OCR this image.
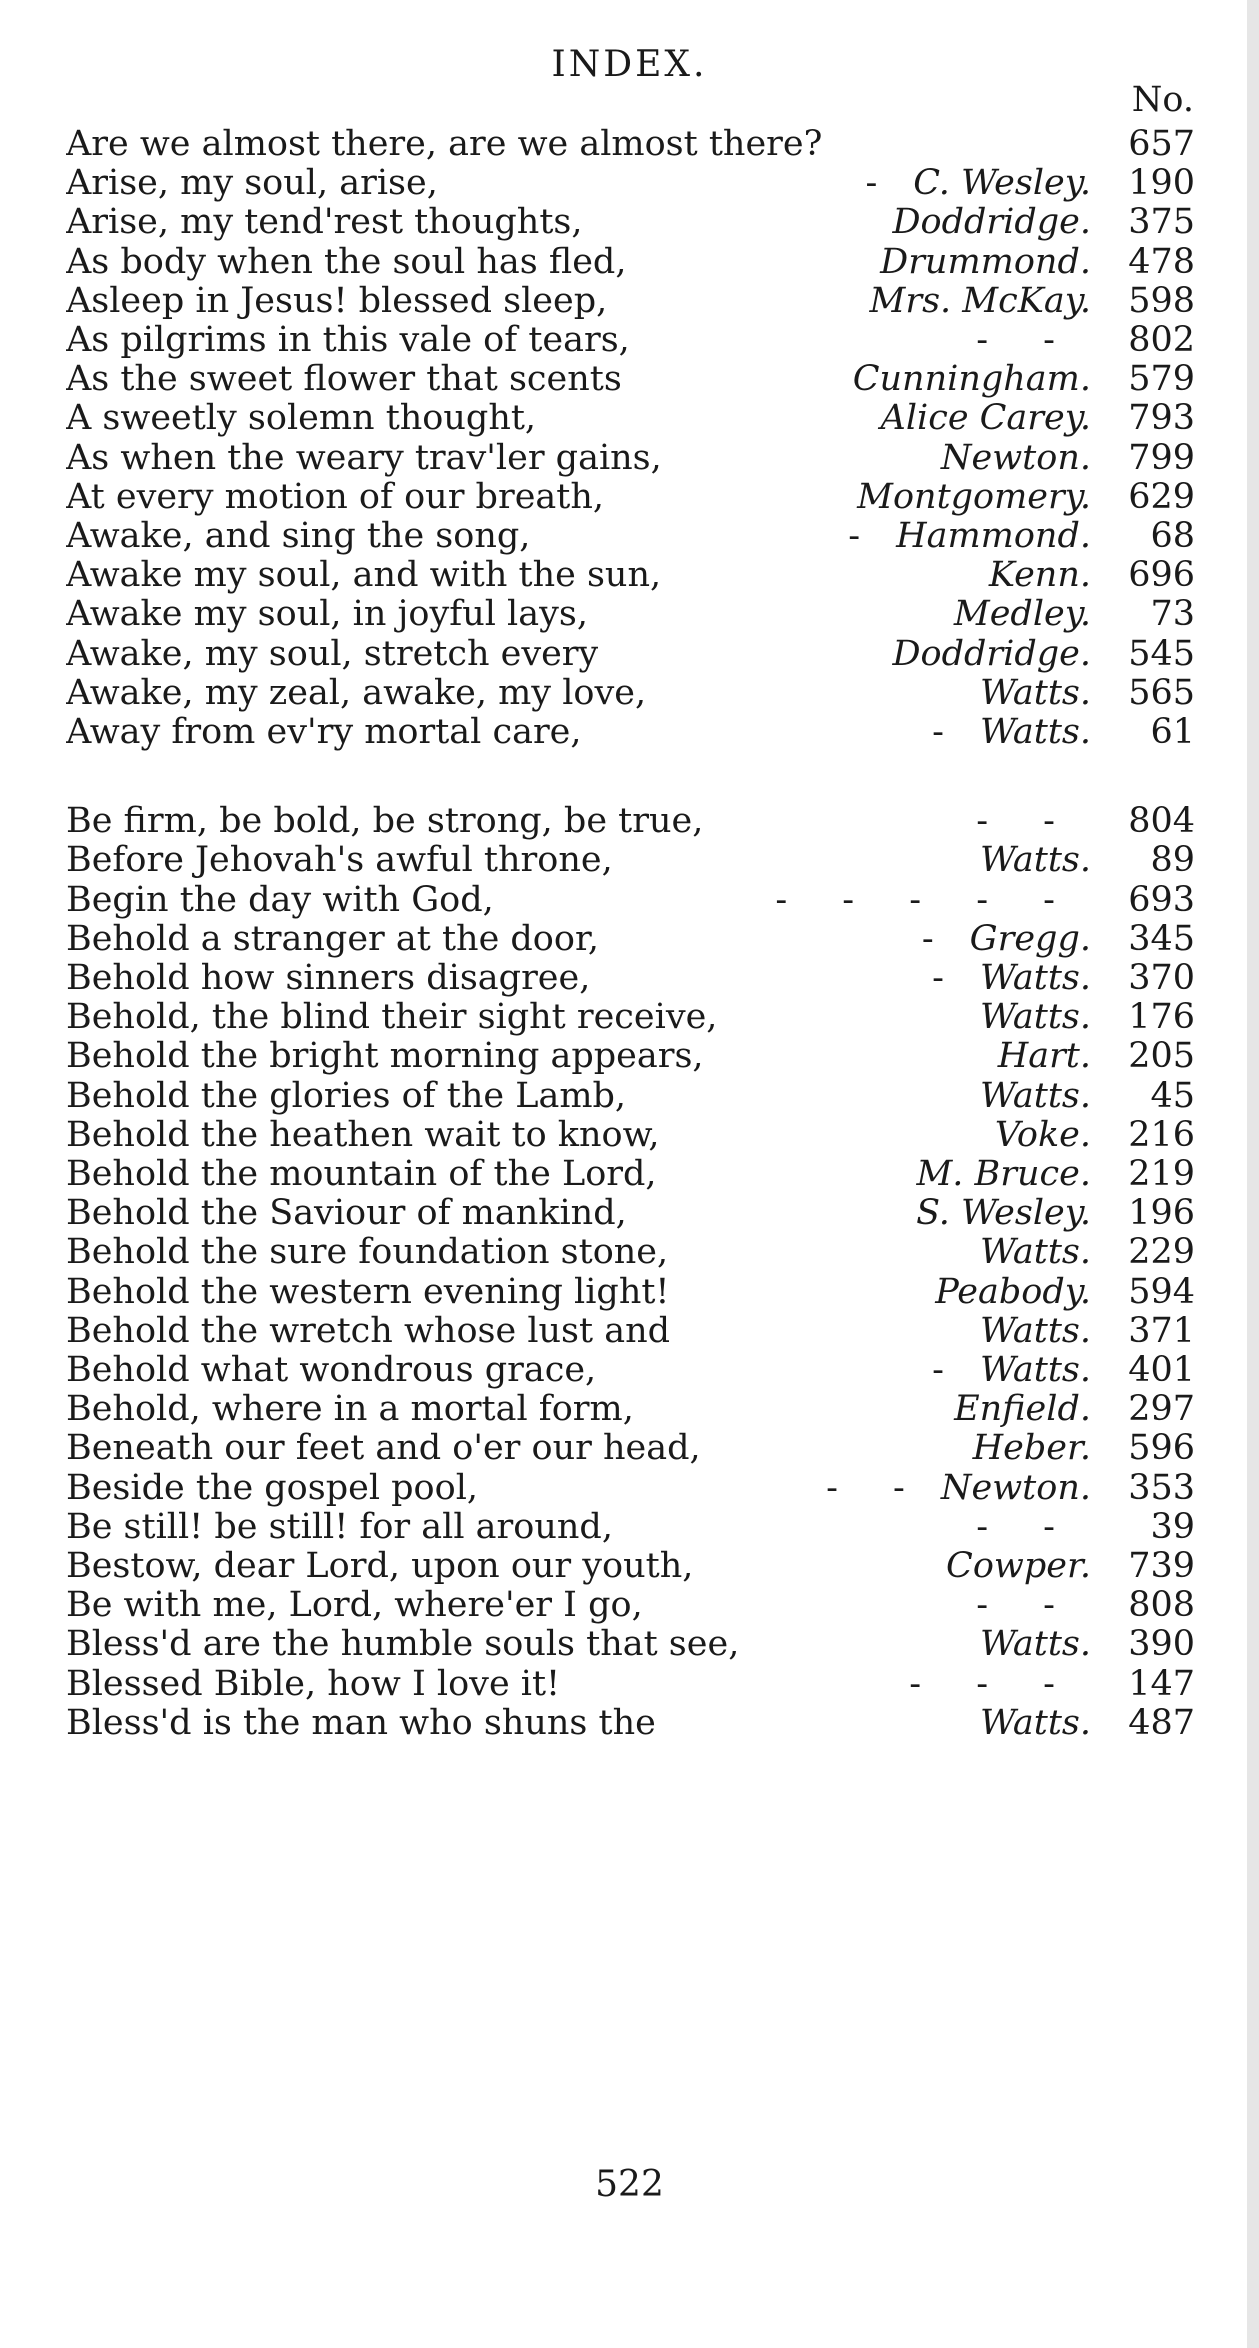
INDEX.
No.
Are we almost there, are we almost there?	657
Arise, my soul, arise,	- C. Wesley.	190
Arise, my tend'rest thoughts,	Doddridge.	375
As body when the soul has fled,	Drummond.	478
Asleep in Jesus! blessed sleep,	Mrs. McKay.	598
As pilgrims in this vale of tears,	- -	802
As the sweet flower that scents	Cunningham.	579
A sweetly solemn thought,	Alice Carey.	793
As when the weary trav'ler gains,	Newton.	799
At every motion of our breath,	Montgomery.	629
Awake, and sing the song,	- Hammond.	68
Awake my soul, and with the sun,	Kenn.	696
Awake my soul, in joyful lays,	Medley.	73
Awake, my soul, stretch every	Doddridge.	545
Awake, my zeal, awake, my love,	Watts.	565
Away from ev'ry mortal care,	- Watts.	61
Be firm, be bold, be strong, be true,	- -	804
Before Jehovah's awful throne,	Watts.	89
Begin the day with God,	- - - - -	693
Behold a stranger at the door,	- Gregg.	345
Behold how sinners disagree,	- Watts.	370
Behold, the blind their sight receive,	Watts.	176
Behold the bright morning appears,	Hart.	205
Behold the glories of the Lamb,	Watts.	45
Behold the heathen wait to know,	Voke.	216
Behold the mountain of the Lord,	M. Bruce.	219
Behold the Saviour of mankind,	S. Wesley.	196
Behold the sure foundation stone,	Watts.	229
Behold the western evening light!	Peabody.	594
Behold the wretch whose lust and	Watts.	371
Behold what wondrous grace,	- Watts.	401
Behold, where in a mortal form,	Enfield.	297
Beneath our feet and o'er our head,	Heber.	596
Beside the gospel pool,	- - Newton.	353
Be still! be still! for all around,	- -	39
Bestow, dear Lord, upon our youth,	Cowper.	739
Be with me, Lord, where'er I go,	- -	808
Bless'd are the humble souls that see,	Watts.	390
Blessed Bible, how I love it!	- - -	147
Bless'd is the man who shuns the	Watts.	487
522
